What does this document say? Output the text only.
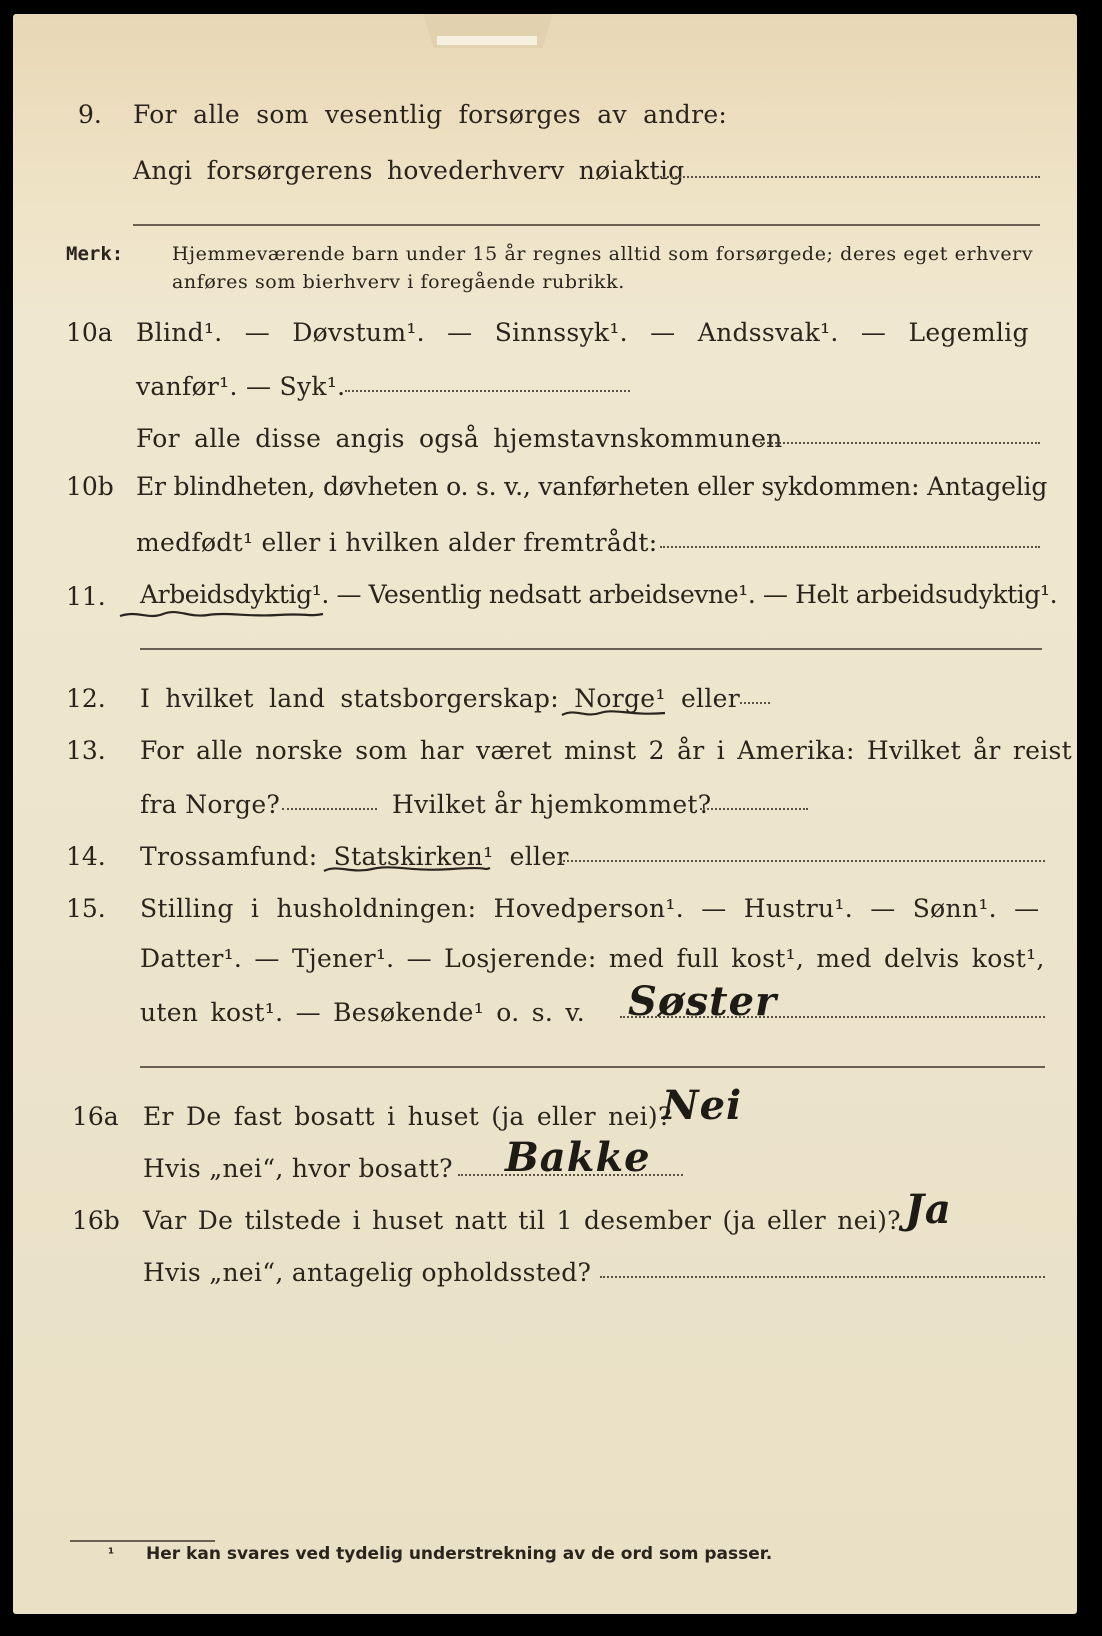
9. For alle som vesentlig forsørges av andre:
Angi forsørgerens hovederhverv nøiaktig
Merk:	Hjemmeværende barn under 15 år regnes alltid som forsørgede; deres eget erhverv
anføres som bierhverv i foregående rubrikk.
10a Blind¹. — Døvstum¹. — Sinnssyk¹. — Andssvak¹. — Legemlig
vanfør¹. — Syk¹.
For alle disse angis også hjemstavnskommunen
10b Er blindheten, døvheten o. s. v., vanførheten eller sykdommen: Antagelig
medfødt¹ eller i hvilken alder fremtrådt:
11. Arbeidsdyktig¹. — Vesentlig nedsatt arbeidsevne¹. — Helt arbeidsudyktig¹.
12. I hvilket land statsborgerskap: Norge¹ eller
13. For alle norske som har været minst 2 år i Amerika: Hvilket år reist
fra Norge?	Hvilket år hjemkommet?
14. Trossamfund: Statskirken¹ eller
15. Stilling i husholdningen: Hovedperson¹. — Hustru¹. — Sønn¹. —
Datter¹. — Tjener¹. — Losjerende: med full kost¹, med delvis kost¹,
uten kost¹. — Besøkende¹ o. s. v. Søster
16a Er De fast bosatt i huset (ja eller nei)?
Nei
Hvis „nei“, hvor bosatt? Bakke
16b Var De tilstede i huset natt til 1 desember (ja eller nei)? Ja
Hvis „nei“, antagelig opholdssted?
¹ Her kan svares ved tydelig understrekning av de ord som passer.
